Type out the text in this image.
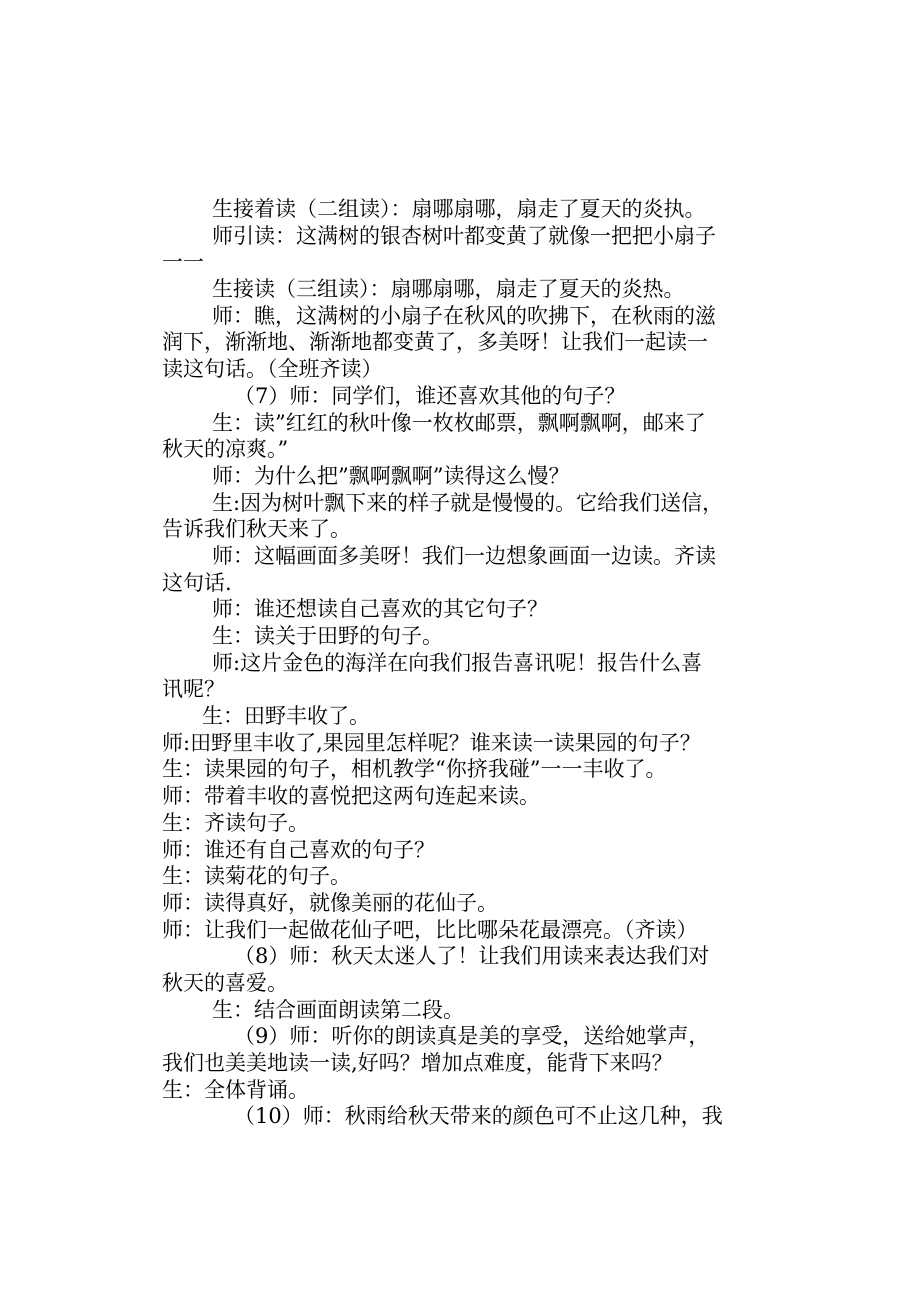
生接着读（二组读）：扇哪扇哪，扇走了夏天的炎执。
师引读：这满树的银杏树叶都变黄了就像一把把小扇子
一一
生接读（三组读）：扇哪扇哪，扇走了夏天的炎热。
师：瞧，这满树的小扇子在秋风的吹拂下，在秋雨的滋
润下，渐渐地、渐渐地都变黄了，多美呀！让我们一起读一
读这句话。（全班齐读）
（7）师：同学们，谁还喜欢其他的句子？
生：读”红红的秋叶像一枚枚邮票，飘啊飘啊，邮来了
秋天的凉爽。”
师：为什么把”飘啊飘啊”读得这么慢？
生:因为树叶飘下来的样子就是慢慢的。它给我们送信，
告诉我们秋天来了。
师：这幅画面多美呀！我们一边想象画面一边读。齐读
这句话.
师：谁还想读自己喜欢的其它句子？
生：读关于田野的句子。
师:这片金色的海洋在向我们报告喜讯呢！报告什么喜
讯呢？
生：田野丰收了。
师:田野里丰收了,果园里怎样呢？谁来读一读果园的句子？
生：读果园的句子，相机教学“你挤我碰”一一丰收了。
师：带着丰收的喜悦把这两句连起来读。
生：齐读句子。
师：谁还有自己喜欢的句子？
生：读菊花的句子。
师：读得真好，就像美丽的花仙子。
师：让我们一起做花仙子吧，比比哪朵花最漂亮。（齐读）
（8）师：秋天太迷人了！让我们用读来表达我们对
秋天的喜爱。
生：结合画面朗读第二段。
（9）师：听你的朗读真是美的享受，送给她掌声，
我们也美美地读一读,好吗？增加点难度，能背下来吗？
生：全体背诵。
（10）师：秋雨给秋天带来的颜色可不止这几种，我
